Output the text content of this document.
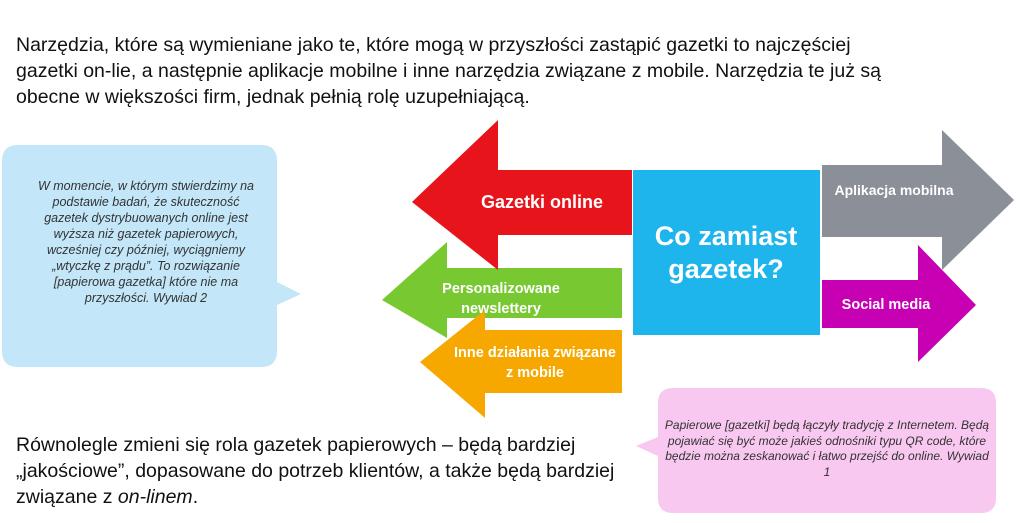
Narzędzia, które są wymieniane jako te, które mogą w przyszłości zastąpić gazetki to najczęściej gazetki on-lie, a następnie aplikacje mobilne i inne narzędzia związane z mobile. Narzędzia te już są obecne w większości firm, jednak pełnią rolę uzupełniającą.

W momencie, w którym stwierdzimy na podstawie badań, że skuteczność gazetek dystrybuowanych online jest wyższa niż gazetek papierowych, wcześniej czy później, wyciągniemy „wtyczkę z prądu”. To rozwiązanie [papierowa gazetka] które nie ma przyszłości. Wywiad 2

Papierowe [gazetki] będą łączyły tradycję z Internetem. Będą pojawiać się być może jakieś odnośniki typu QR code, które będzie można zeskanować i łatwo przejść do online. Wywiad 1

Gazetki online

Personalizowane newslettery

Inne działania związane z mobile

Co zamiast gazetek?

Aplikacja mobilna

Social media

Równolegle zmieni się rola gazetek papierowych – będą bardziej „jakościowe”, dopasowane do potrzeb klientów, a także będą bardziej związane z on-linem.
